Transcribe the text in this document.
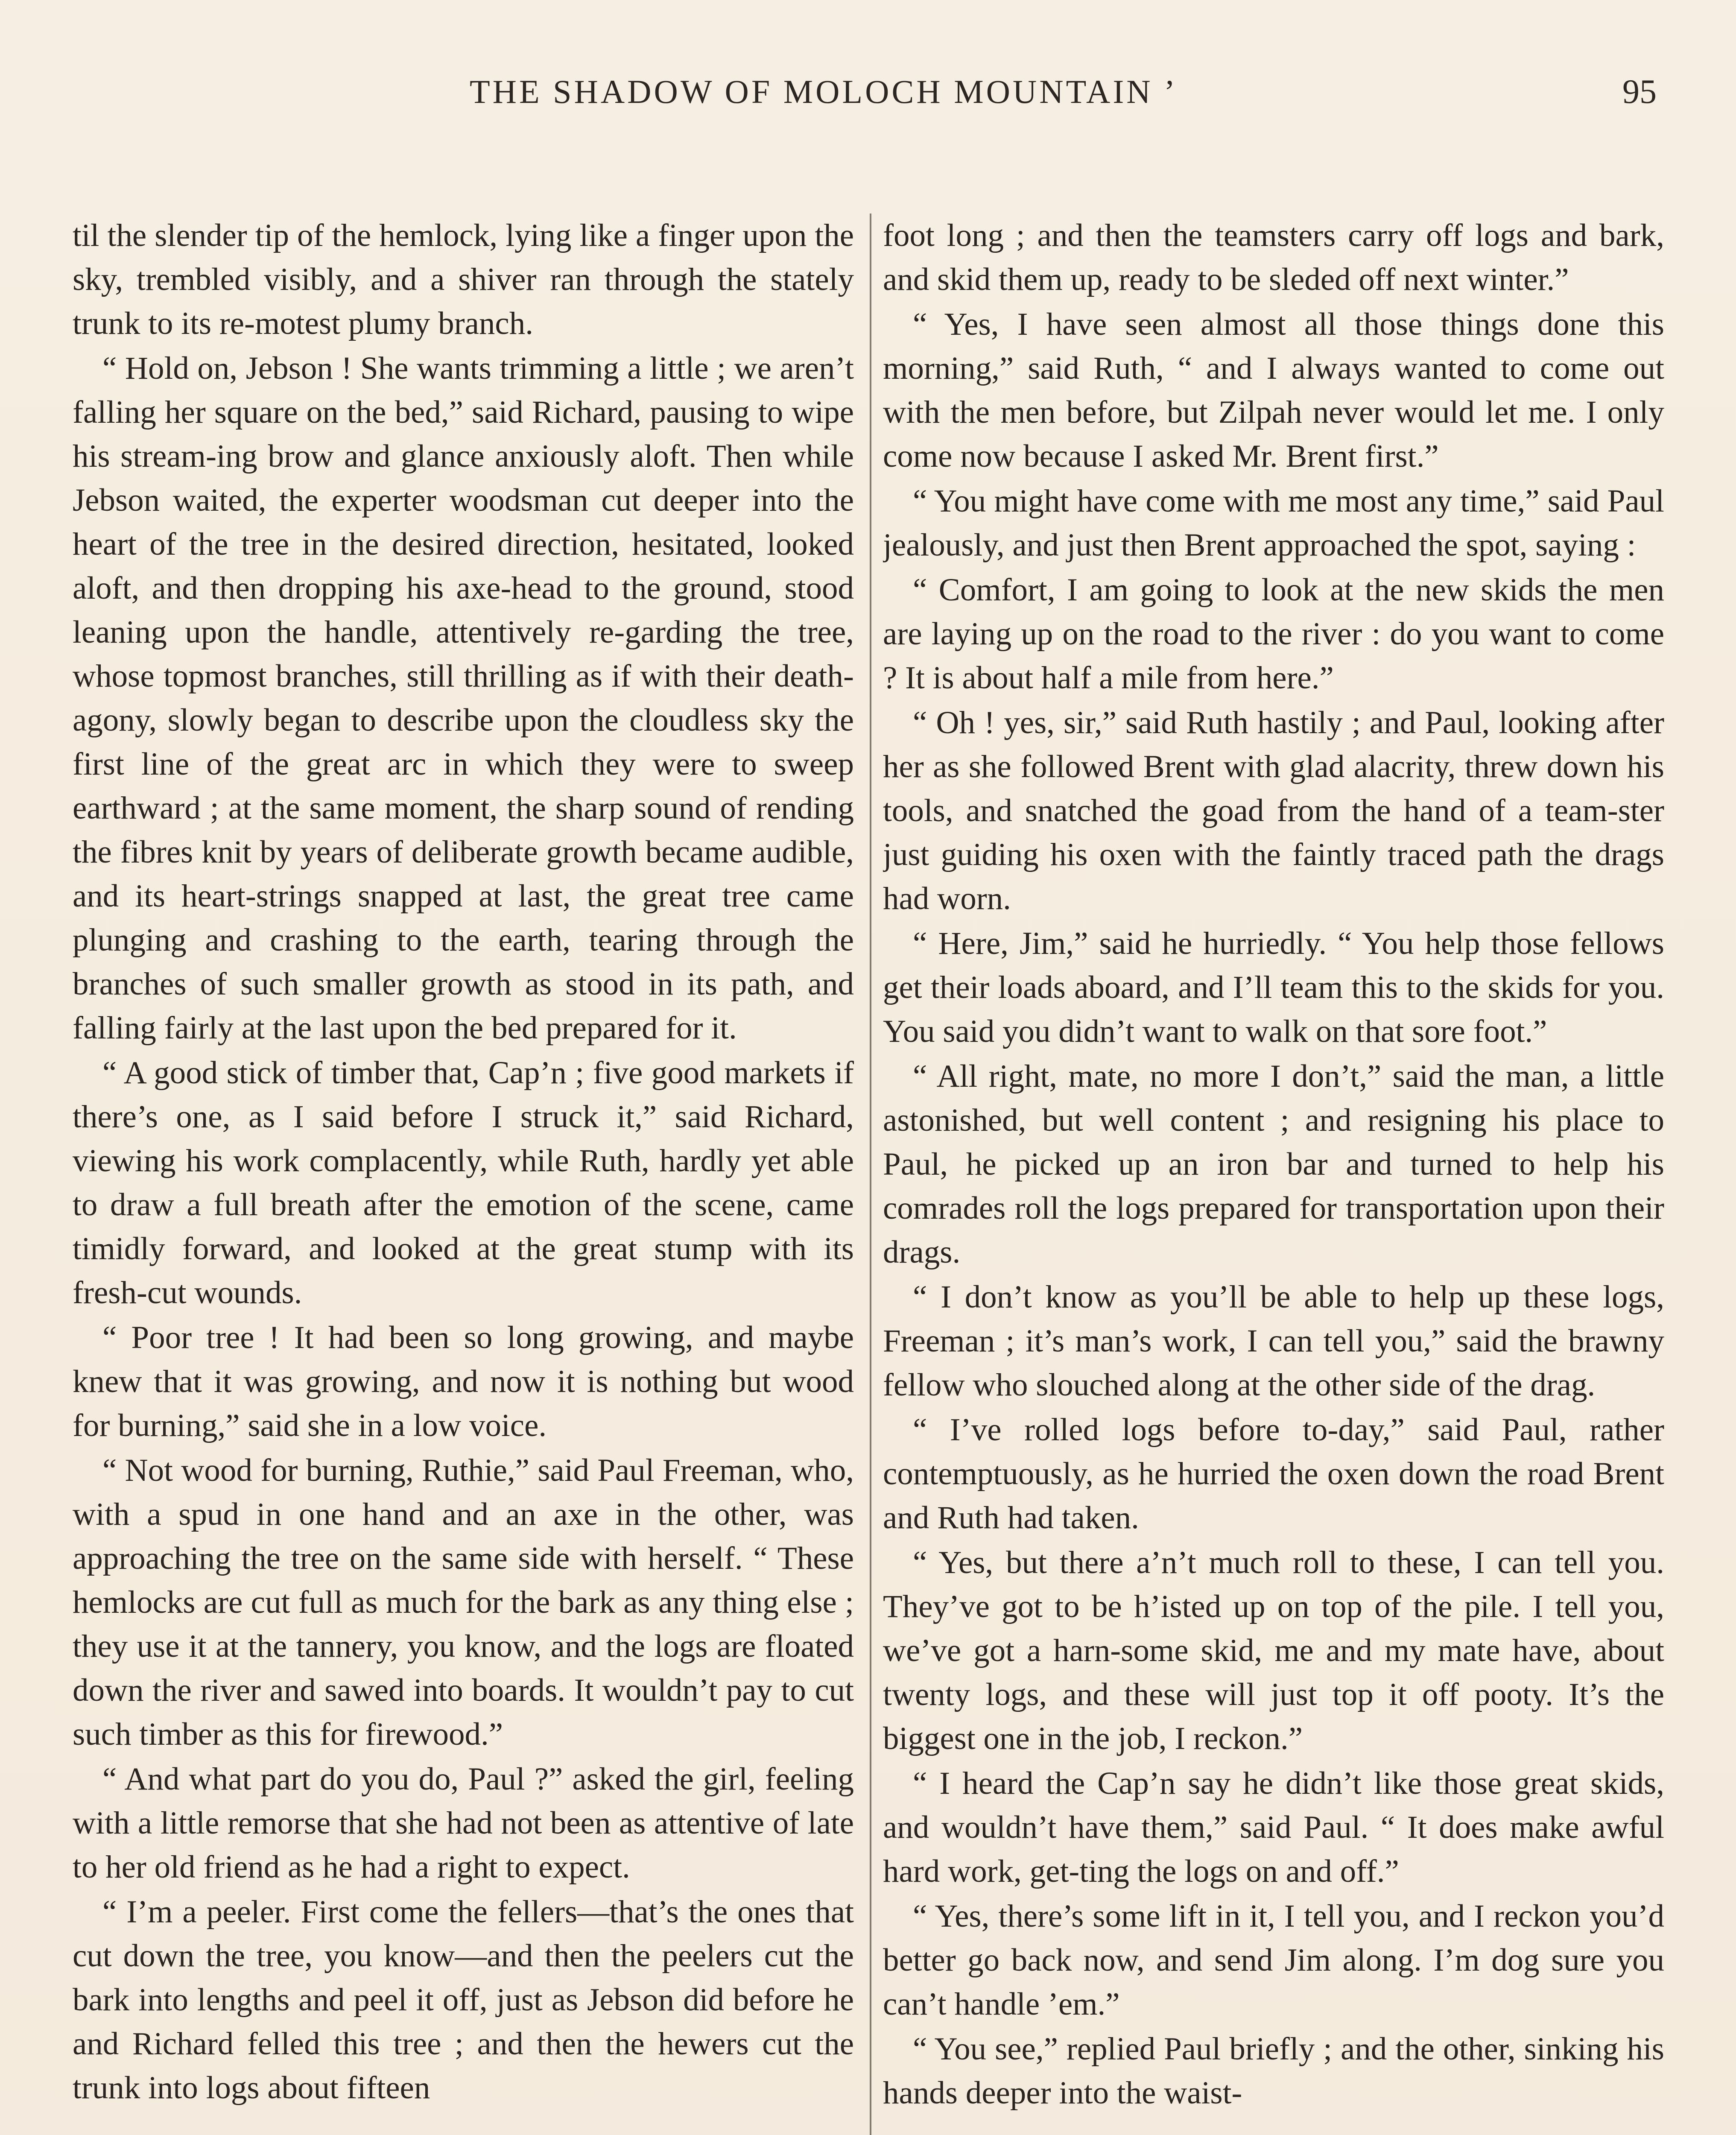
THE SHADOW OF MOLOCH MOUNTAIN ʼ	95

til the slender tip of the hemlock, lying like a finger upon the sky, trembled visibly, and a shiver ran through the stately trunk to its re-motest plumy branch.

“ Hold on, Jebson ! She wants trimming a little ; we aren’t falling her square on the bed,” said Richard, pausing to wipe his stream-ing brow and glance anxiously aloft. Then while Jebson waited, the experter woodsman cut deeper into the heart of the tree in the desired direction, hesitated, looked aloft, and then dropping his axe-head to the ground, stood leaning upon the handle, attentively re-garding the tree, whose topmost branches, still thrilling as if with their death-agony, slowly began to describe upon the cloudless sky the first line of the great arc in which they were to sweep earthward ; at the same moment, the sharp sound of rending the fibres knit by years of deliberate growth became audible, and its heart-strings snapped at last, the great tree came plunging and crashing to the earth, tearing through the branches of such smaller growth as stood in its path, and falling fairly at the last upon the bed prepared for it.

“ A good stick of timber that, Cap’n ; five good markets if there’s one, as I said before I struck it,” said Richard, viewing his work complacently, while Ruth, hardly yet able to draw a full breath after the emotion of the scene, came timidly forward, and looked at the great stump with its fresh-cut wounds.

“ Poor tree ! It had been so long growing, and maybe knew that it was growing, and now it is nothing but wood for burning,” said she in a low voice.

“ Not wood for burning, Ruthie,” said Paul Freeman, who, with a spud in one hand and an axe in the other, was approaching the tree on the same side with herself. “ These hemlocks are cut full as much for the bark as any thing else ; they use it at the tannery, you know, and the logs are floated down the river and sawed into boards. It wouldn’t pay to cut such timber as this for firewood.”

“ And what part do you do, Paul ?” asked the girl, feeling with a little remorse that she had not been as attentive of late to her old friend as he had a right to expect.

“ I’m a peeler. First come the fellers—that’s the ones that cut down the tree, you know—and then the peelers cut the bark into lengths and peel it off, just as Jebson did before he and Richard felled this tree ; and then the hewers cut the trunk into logs about fifteen

foot long ; and then the teamsters carry off logs and bark, and skid them up, ready to be sleded off next winter.”

“ Yes, I have seen almost all those things done this morning,” said Ruth, “ and I always wanted to come out with the men before, but Zilpah never would let me. I only come now because I asked Mr. Brent first.”

“ You might have come with me most any time,” said Paul jealously, and just then Brent approached the spot, saying :

“ Comfort, I am going to look at the new skids the men are laying up on the road to the river : do you want to come ? It is about half a mile from here.”

“ Oh ! yes, sir,” said Ruth hastily ; and Paul, looking after her as she followed Brent with glad alacrity, threw down his tools, and snatched the goad from the hand of a team-ster just guiding his oxen with the faintly traced path the drags had worn.

“ Here, Jim,” said he hurriedly. “ You help those fellows get their loads aboard, and I’ll team this to the skids for you. You said you didn’t want to walk on that sore foot.”

“ All right, mate, no more I don’t,” said the man, a little astonished, but well content ; and resigning his place to Paul, he picked up an iron bar and turned to help his comrades roll the logs prepared for transportation upon their drags.

“ I don’t know as you’ll be able to help up these logs, Freeman ; it’s man’s work, I can tell you,” said the brawny fellow who slouched along at the other side of the drag.

“ I’ve rolled logs before to-day,” said Paul, rather contemptuously, as he hurried the oxen down the road Brent and Ruth had taken.

“ Yes, but there a’n’t much roll to these, I can tell you. They’ve got to be h’isted up on top of the pile. I tell you, we’ve got a harn-some skid, me and my mate have, about twenty logs, and these will just top it off pooty. It’s the biggest one in the job, I reckon.”

“ I heard the Cap’n say he didn’t like those great skids, and wouldn’t have them,” said Paul. “ It does make awful hard work, get-ting the logs on and off.”

“ Yes, there’s some lift in it, I tell you, and I reckon you’d better go back now, and send Jim along. I’m dog sure you can’t handle ’em.”

“ You see,” replied Paul briefly ; and the other, sinking his hands deeper into the waist-
